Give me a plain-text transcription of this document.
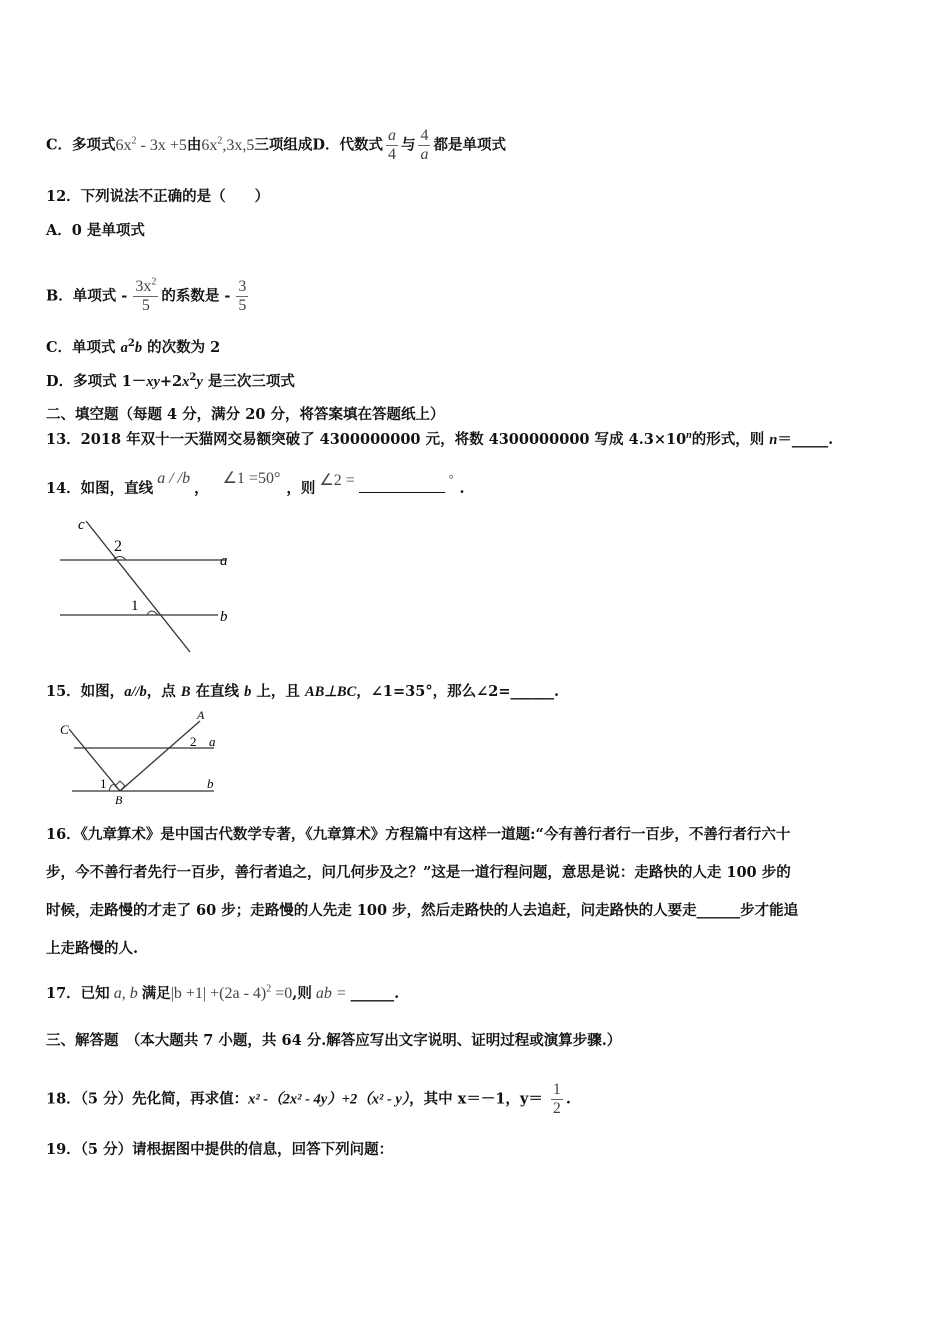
C．多项式$6x^2 - 3x +5$由$6x^2,3x,5$三项组成D．代数式 $\frac{a}{4}$ 与 $\frac{4}{a}$ 都是单项式
12．下列说法不正确的是（　　）
A．0 是单项式
B．单项式 - $\frac{3x^2}{5}$ 的系数是 - $\frac{3}{5}$
C．单项式 $a^2b$ 的次数为 2
D．多项式 $1-xy+2x^2y$ 是三次三项式
二、填空题（每题 4 分，满分 20 分，将答案填在答题纸上）
13．2018 年双十一天猫网交易额突破了 4300000000 元，将数 4300000000 写成 $4.3\times 10^n$的形式，则 n＝_____.
14．如图，直线a / /b，∠1 =50°，则 ∠2 =	°.
c
2
a
1
b
15．如图，a//b，点 B 在直线 b 上，且 AB⊥BC，∠1=35°，那么∠2=______.
C
A
2 a
1
B
b
16．《九章算术》是中国古代数学专著，《九章算术》方程篇中有这样一道题:“今有善行者行一百步，不善行者行六十
步，今不善行者先行一百步，善行者追之，问几何步及之？”这是一道行程问题，意思是说：走路快的人走 100 步的
时候，走路慢的才走了 60 步；走路慢的人先走 100 步，然后走路快的人去追赶，问走路快的人要走______步才能追
上走路慢的人.
17．已知 a, b 满足|b +1| +(2a - 4)$^2$ =0,则 ab = ______.
三、解答题　（本大题共 7 小题，共 64 分.解答应写出文字说明、证明过程或演算步骤.）
18．（5 分）先化简，再求值：x² -（2x² - 4y）+2（x² - y），其中 x＝－1，$y= \frac{1}{2}$ .
19．（5 分）请根据图中提供的信息，回答下列问题：
